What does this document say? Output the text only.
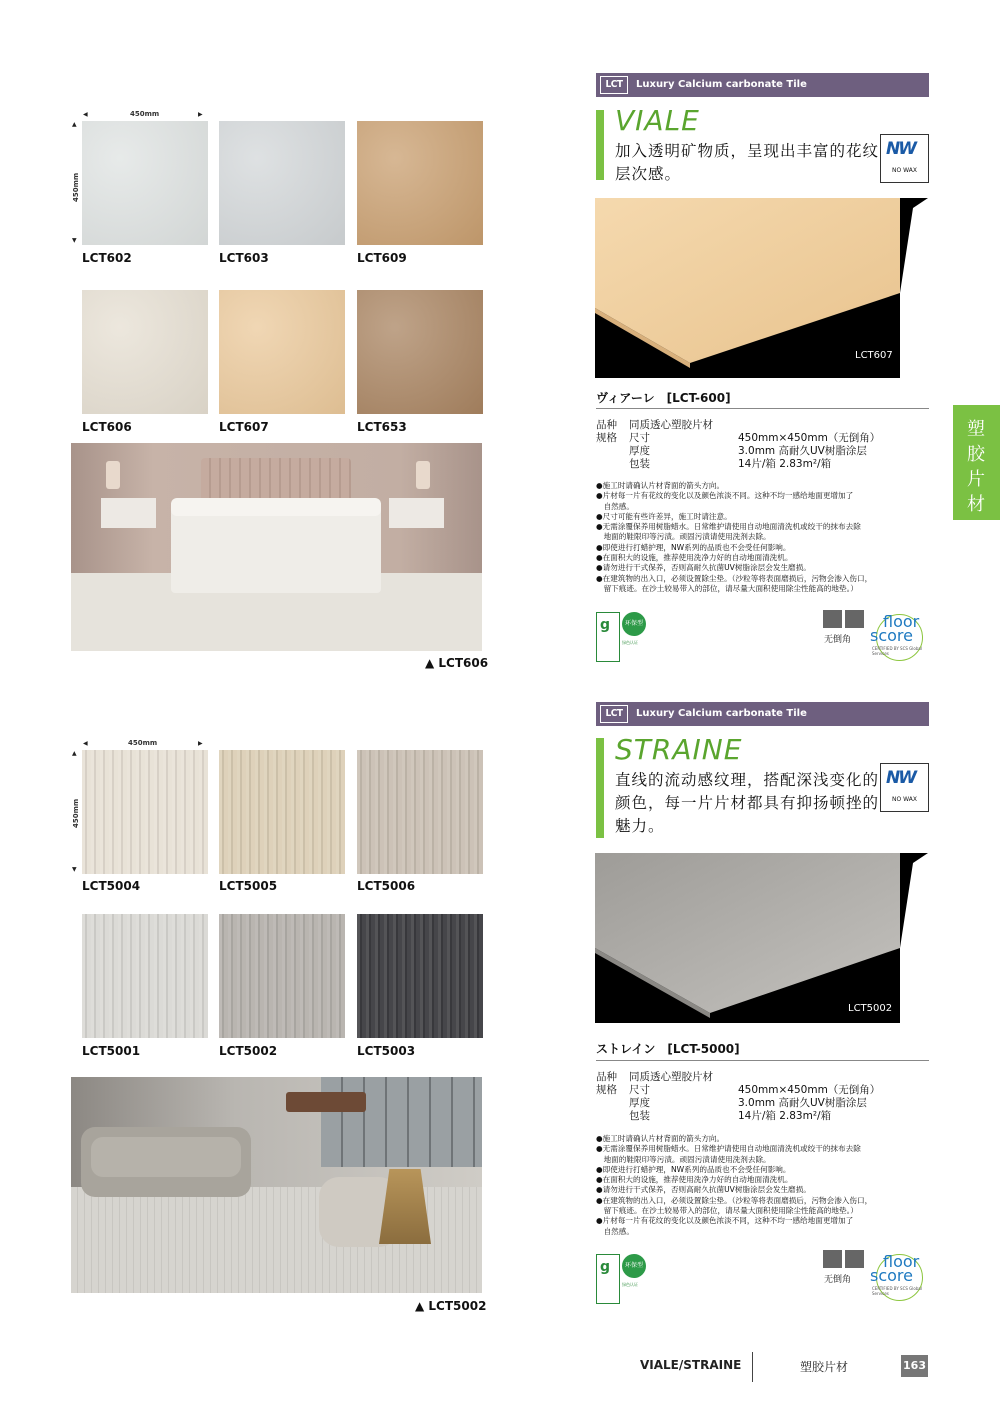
◀	450mm	▶
▲
450mm
▼
LCT602	LCT603	LCT609
LCT606	LCT607	LCT653
▲ LCT606
LCT	Luxury Calcium carbonate Tile
VIALE
加入透明矿物质，呈现出丰富的花纹层次感。
NW
NO WAX
LCT607
ヴィアーレ　[LCT-600]
品种 同质透心塑胶片材
规格 尺寸	450mm×450mm（无倒角）
厚度	3.0mm 高耐久UV树脂涂层
包装	14片/箱 2.83m²/箱
●施工时请确认片材背面的箭头方向。
●片材每一片有花纹的变化以及颜色浓淡不同。这种不均一感给地面更增加了
　自然感。
●尺寸可能有些许差异，施工时请注意。
●无需涂覆保养用树脂蜡水。日常维护请使用自动地面清洗机或绞干的抹布去除
　地面的鞋限印等污渍。顽固污渍请使用洗剂去除。
●即使进行打蜡护理，NW系列的品质也不会受任何影响。
●在面积大的设施，推荐使用洗净力好的自动地面清洗机。
●请勿进行干式保养，否则高耐久抗菌UV树脂涂层会发生磨损。
●在建筑物的出入口，必须设置除尘垫。（沙粒等将表面磨损后，污物会渗入伤口，
　留下痕迹。在沙土较易带入的部位，请尽量大面积使用除尘性能高的地垫。）
g	环保型
绿色认证	无倒角
floor
score
CERTIFIED BY SCS Global Services
◀	450mm	▶
▲
450mm
▼
LCT5004	LCT5005	LCT5006
LCT5001	LCT5002	LCT5003
▲ LCT5002
LCT	Luxury Calcium carbonate Tile
STRAINE
直线的流动感纹理，搭配深浅变化的颜色，每一片片材都具有抑扬顿挫的魅力。
NW
NO WAX
LCT5002
ストレイン　[LCT-5000]
品种 同质透心塑胶片材
规格 尺寸	450mm×450mm（无倒角）
厚度	3.0mm 高耐久UV树脂涂层
包装	14片/箱 2.83m²/箱
●施工时请确认片材背面的箭头方向。
●无需涂覆保养用树脂蜡水。日常维护请使用自动地面清洗机或绞干的抹布去除
　地面的鞋限印等污渍。顽固污渍请使用洗剂去除。
●即使进行打蜡护理，NW系列的品质也不会受任何影响。
●在面积大的设施，推荐使用洗净力好的自动地面清洗机。
●请勿进行干式保养，否则高耐久抗菌UV树脂涂层会发生磨损。
●在建筑物的出入口，必须设置除尘垫。（沙粒等将表面磨损后，污物会渗入伤口，
　留下痕迹。在沙土较易带入的部位，请尽量大面积使用除尘性能高的地垫。）
●片材每一片有花纹的变化以及颜色浓淡不同，这种不均一感给地面更增加了
　自然感。
g	环保型
绿色认证	无倒角
floor
score
CERTIFIED BY SCS Global Services
塑
胶
片
材
VIALE/STRAINE	塑胶片材	163
